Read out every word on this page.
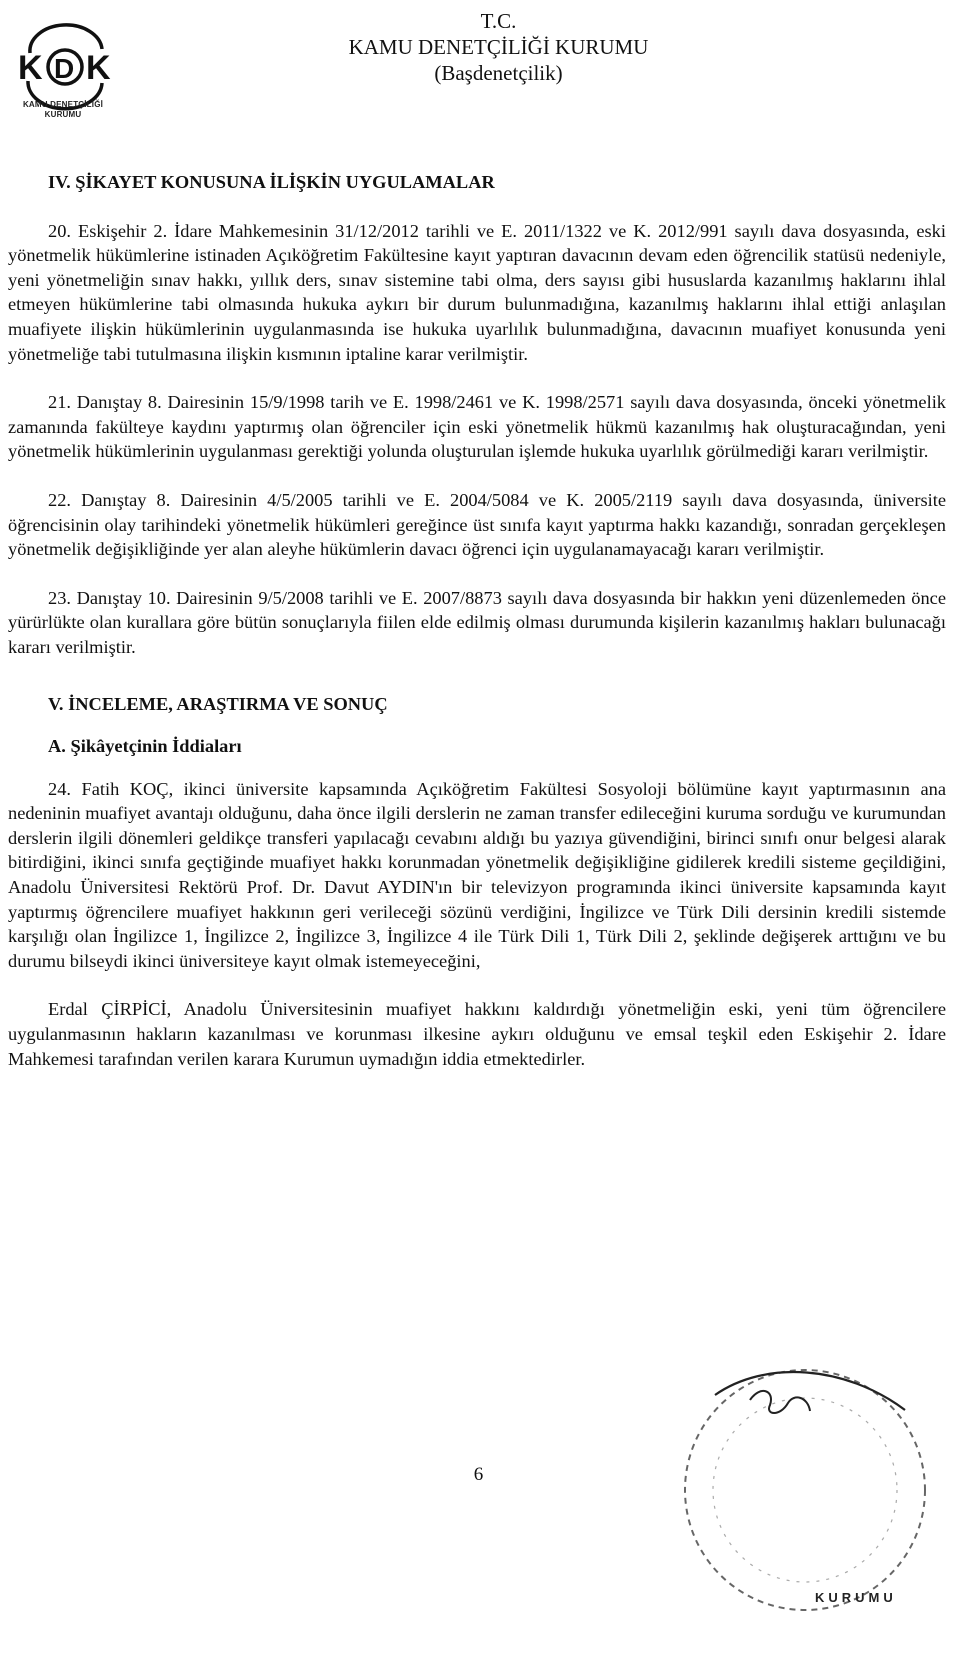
K D K
KAMU DENETÇİLİĞİ
KURUMU
T.C.
KAMU DENETÇİLİĞİ KURUMU
(Başdenetçilik)
IV. ŞİKAYET KONUSUNA İLİŞKİN UYGULAMALAR

20. Eskişehir 2. İdare Mahkemesinin 31/12/2012 tarihli ve E. 2011/1322 ve K. 2012/991 sayılı dava dosyasında, eski yönetmelik hükümlerine istinaden Açıköğretim Fakültesine kayıt yaptıran davacının devam eden öğrencilik statüsü nedeniyle, yeni yönetmeliğin sınav hakkı, yıllık ders, sınav sistemine tabi olma, ders sayısı gibi hususlarda kazanılmış haklarını ihlal etmeyen hükümlerine tabi olmasında hukuka aykırı bir durum bulunmadığına, kazanılmış haklarını ihlal ettiği anlaşılan muafiyete ilişkin hükümlerinin uygulanmasında ise hukuka uyarlılık bulunmadığına, davacının muafiyet konusunda yeni yönetmeliğe tabi tutulmasına ilişkin kısmının iptaline karar verilmiştir.

21. Danıştay 8. Dairesinin 15/9/1998 tarih ve E. 1998/2461 ve K. 1998/2571 sayılı dava dosyasında, önceki yönetmelik zamanında fakülteye kaydını yaptırmış olan öğrenciler için eski yönetmelik hükmü kazanılmış hak oluşturacağından, yeni yönetmelik hükümlerinin uygulanması gerektiği yolunda oluşturulan işlemde hukuka uyarlılık görülmediği kararı verilmiştir.

22. Danıştay 8. Dairesinin 4/5/2005 tarihli ve E. 2004/5084 ve K. 2005/2119 sayılı dava dosyasında, üniversite öğrencisinin olay tarihindeki yönetmelik hükümleri gereğince üst sınıfa kayıt yaptırma hakkı kazandığı, sonradan gerçekleşen yönetmelik değişikliğinde yer alan aleyhe hükümlerin davacı öğrenci için uygulanamayacağı kararı verilmiştir.

23. Danıştay 10. Dairesinin 9/5/2008 tarihli ve E. 2007/8873 sayılı dava dosyasında bir hakkın yeni düzenlemeden önce yürürlükte olan kurallara göre bütün sonuçlarıyla fiilen elde edilmiş olması durumunda kişilerin kazanılmış hakları bulunacağı kararı verilmiştir.

V. İNCELEME, ARAŞTIRMA VE SONUÇ
A. Şikâyetçinin İddiaları

24. Fatih KOÇ, ikinci üniversite kapsamında Açıköğretim Fakültesi Sosyoloji bölümüne kayıt yaptırmasının ana nedeninin muafiyet avantajı olduğunu, daha önce ilgili derslerin ne zaman transfer edileceğini kuruma sorduğu ve kurumundan derslerin ilgili dönemleri geldikçe transferi yapılacağı cevabını aldığı bu yazıya güvendiğini, birinci sınıfı onur belgesi alarak bitirdiğini, ikinci sınıfa geçtiğinde muafiyet hakkı korunmadan yönetmelik değişikliğine gidilerek kredili sisteme geçildiğini, Anadolu Üniversitesi Rektörü Prof. Dr. Davut AYDIN'ın bir televizyon programında ikinci üniversite kapsamında kayıt yaptırmış öğrencilere muafiyet hakkının geri verileceği sözünü verdiğini, İngilizce ve Türk Dili dersinin kredili sistemde karşılığı olan İngilizce 1, İngilizce 2, İngilizce 3, İngilizce 4 ile Türk Dili 1, Türk Dili 2, şeklinde değişerek arttığını ve bu durumu bilseydi ikinci üniversiteye kayıt olmak istemeyeceğini,

Erdal ÇİRPİCİ, Anadolu Üniversitesinin muafiyet hakkını kaldırdığı yönetmeliğin eski, yeni tüm öğrencilere uygulanmasının hakların kazanılması ve korunması ilkesine aykırı olduğunu ve emsal teşkil eden Eskişehir 2. İdare Mahkemesi tarafından verilen karara Kurumun uymadığın iddia etmektedirler.

6
KURUMU
